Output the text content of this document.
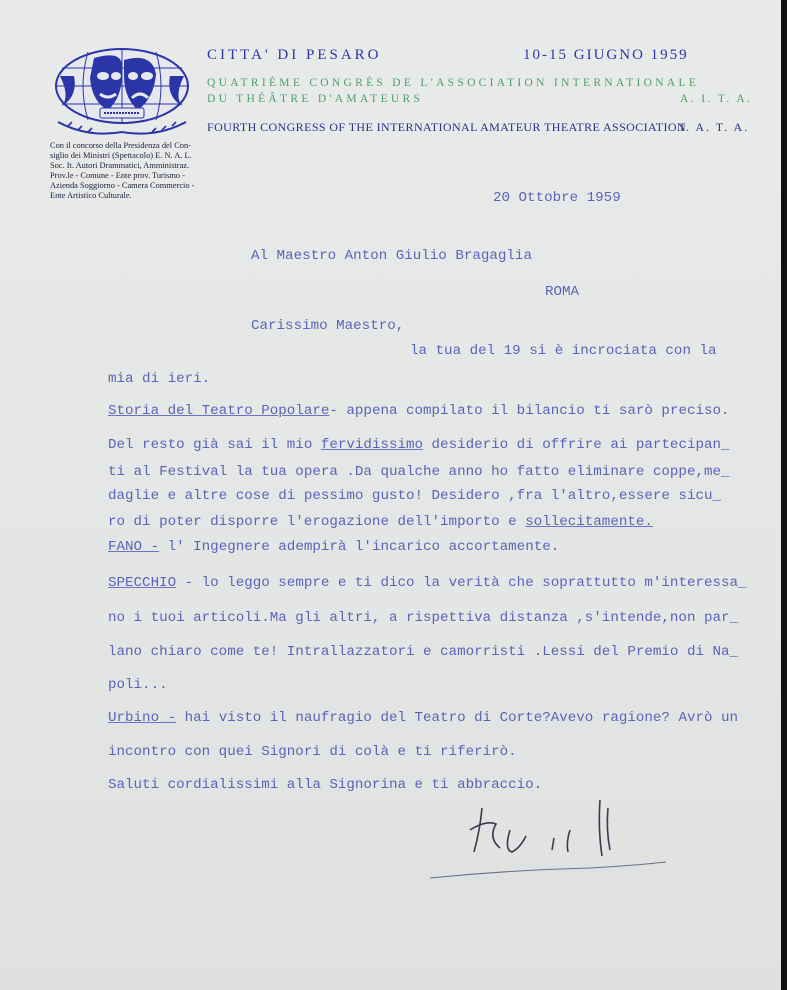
CITTA' DI PESARO	10-15 GIUGNO 1959
QUATRIÈME CONGRÈS DE L'ASSOCIATION INTERNATIONALE
DU THÉÂTRE D'AMATEURS	A. I. T. A.
FOURTH CONGRESS OF THE INTERNATIONAL AMATEUR THEATRE ASSOCIATION
I. A. T. A.
Con il concorso della Presidenza del Con-
siglio dei Ministri (Spettacolo) E. N. A. L.
Soc. It. Autori Drammatici, Amministraz.
Prov.le - Comune - Ente prov. Turismo -
Azienda Soggiorno - Camera Commercio -
Ente Artistico Culturale.	20 Ottobre 1959
Al Maestro Anton Giulio Bragaglia
ROMA
Carissimo Maestro,
la tua del 19 si è incrociata con la
mia di ieri.
Storia del Teatro Popolare- appena compilato il bilancio ti sarò preciso.
Del resto già sai il mio fervidissimo desiderio di offrire ai partecipan_
ti al Festival la tua opera .Da qualche anno ho fatto eliminare coppe,me_
daglie e altre cose di pessimo gusto! Desidero ,fra l'altro,essere sicu_
ro di poter disporre l'erogazione dell'importo e sollecitamente.
FANO - l' Ingegnere adempirà l'incarico accortamente.
SPECCHIO - lo leggo sempre e ti dico la verità che soprattutto m'interessa_
no i tuoi articoli.Ma gli altri, a rispettiva distanza ,s'intende,non par_
lano chiaro come te! Intrallazzatori e camorristi .Lessi del Premio di Na_
poli...
Urbino - hai visto il naufragio del Teatro di Corte?Avevo ragione? Avrò un
incontro con quei Signori di colà e ti riferirò.
Saluti cordialissimi alla Signorina e ti abbraccio.
